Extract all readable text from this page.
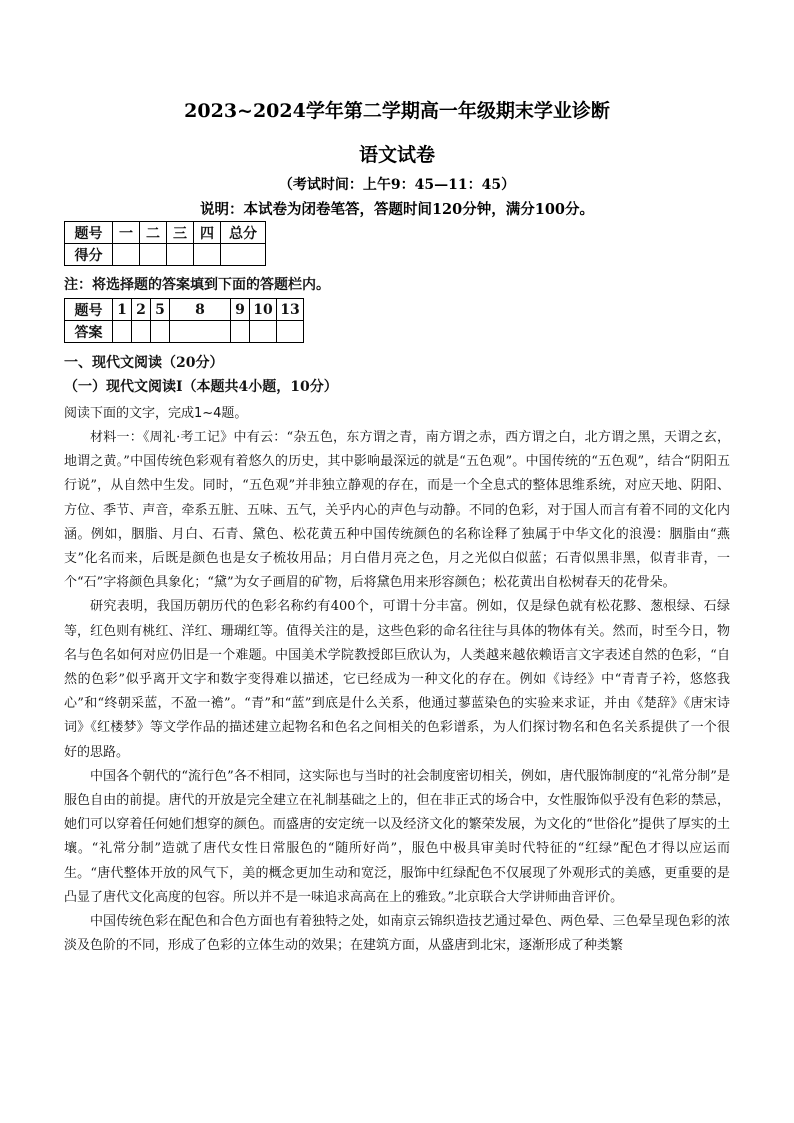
2023~2024学年第二学期高一年级期末学业诊断
语文试卷
（考试时间：上午9：45—11：45）
说明：本试卷为闭卷笔答，答题时间120分钟，满分100分。
题号	一	二	三	四	总分
得分					
注：将选择题的答案填到下面的答题栏内。
题号	1	2	5	8	9	10	13
答案							
一、现代文阅读（20分）
（一）现代文阅读Ⅰ（本题共4小题，10分）
阅读下面的文字，完成1~4题。

材料一：《周礼·考工记》中有云：“杂五色，东方谓之青，南方谓之赤，西方谓之白，北方谓之黑，天谓之玄，地谓之黄。”中国传统色彩观有着悠久的历史，其中影响最深远的就是“五色观”。中国传统的“五色观”，结合“阴阳五行说”，从自然中生发。同时，“五色观”并非独立静观的存在，而是一个全息式的整体思维系统，对应天地、阴阳、方位、季节、声音，牵系五脏、五味、五气，关乎内心的声色与动静。不同的色彩，对于国人而言有着不同的文化内涵。例如，胭脂、月白、石青、黛色、松花黄五种中国传统颜色的名称诠释了独属于中华文化的浪漫：胭脂由“燕支”化名而来，后既是颜色也是女子梳妆用品；月白借月亮之色，月之光似白似蓝；石青似黑非黑，似青非青，一个“石”字将颜色具象化；“黛”为女子画眉的矿物，后将黛色用来形容颜色；松花黄出自松树春天的花骨朵。

研究表明，我国历朝历代的色彩名称约有400个，可谓十分丰富。例如，仅是绿色就有松花黟、葱根绿、石绿等，红色则有桃红、洋红、珊瑚红等。值得关注的是，这些色彩的命名往往与具体的物体有关。然而，时至今日，物名与色名如何对应仍旧是一个难题。中国美术学院教授郎巨欣认为，人类越来越依赖语言文字表述自然的色彩，“自然的色彩”似乎离开文字和数字变得难以描述，它已经成为一种文化的存在。例如《诗经》中“青青子衿，悠悠我心”和“终朝采蓝，不盈一襜”。“青”和“蓝”到底是什么关系，他通过蓼蓝染色的实验来求证，并由《楚辞》《唐宋诗词》《红楼梦》等文学作品的描述建立起物名和色名之间相关的色彩谱系，为人们探讨物名和色名关系提供了一个很好的思路。

中国各个朝代的“流行色”各不相同，这实际也与当时的社会制度密切相关，例如，唐代服饰制度的“礼常分制”是服色自由的前提。唐代的开放是完全建立在礼制基础之上的，但在非正式的场合中，女性服饰似乎没有色彩的禁忌，她们可以穿着任何她们想穿的颜色。而盛唐的安定统一以及经济文化的繁荣发展，为文化的“世俗化”提供了厚实的土壤。“礼常分制”造就了唐代女性日常服色的“随所好尚”，服色中极具审美时代特征的“红绿”配色才得以应运而生。“唐代整体开放的风气下，美的概念更加生动和宽泛，服饰中红绿配色不仅展现了外观形式的美感，更重要的是凸显了唐代文化高度的包容。所以并不是一味追求高高在上的雅致。”北京联合大学讲师曲音评价。

中国传统色彩在配色和合色方面也有着独特之处，如南京云锦织造技艺通过晕色、两色晕、三色晕呈现色彩的浓淡及色阶的不同，形成了色彩的立体生动的效果；在建筑方面，从盛唐到北宋，逐渐形成了种类繁
